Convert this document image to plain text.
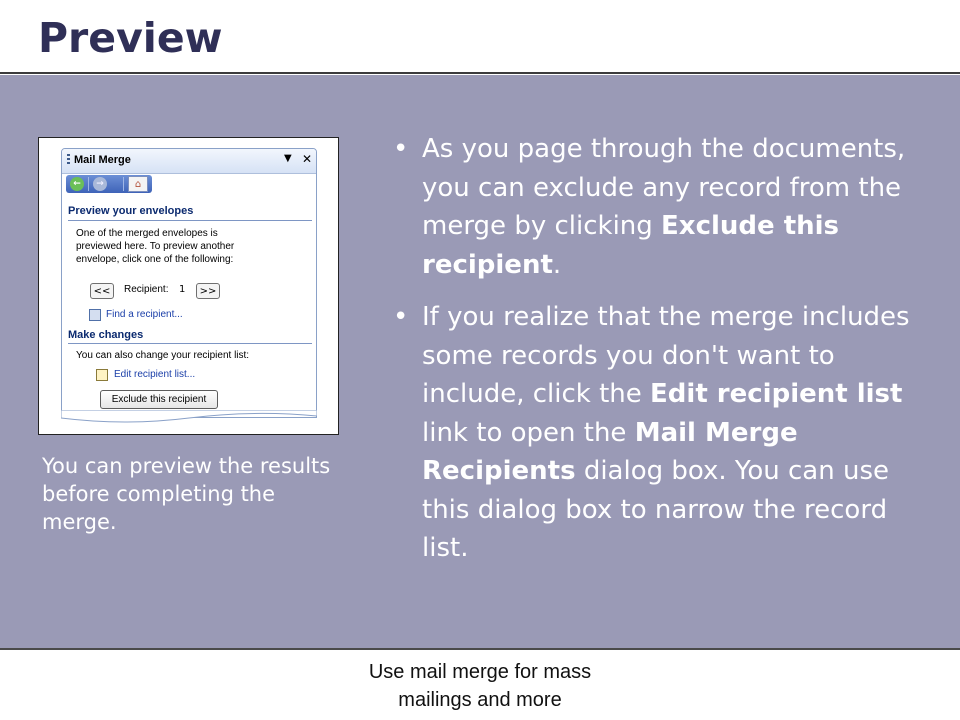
Preview
Mail Merge	▼ ✕
←	→	⌂
Preview your envelopes
One of the merged envelopes is
previewed here. To preview another
envelope, click one of the following:
<<	Recipient: 1	>>
Find a recipient...
Make changes
You can also change your recipient list:
Edit recipient list...
Exclude this recipient
You can preview the results before completing the merge.
• As you page through the documents, you can exclude any record from the merge by clicking Exclude this recipient.
• If you realize that the merge includes some records you don't want to include, click the Edit recipient list link to open the Mail Merge Recipients dialog box. You can use this dialog box to narrow the record list.
Use mail merge for mass
mailings and more
